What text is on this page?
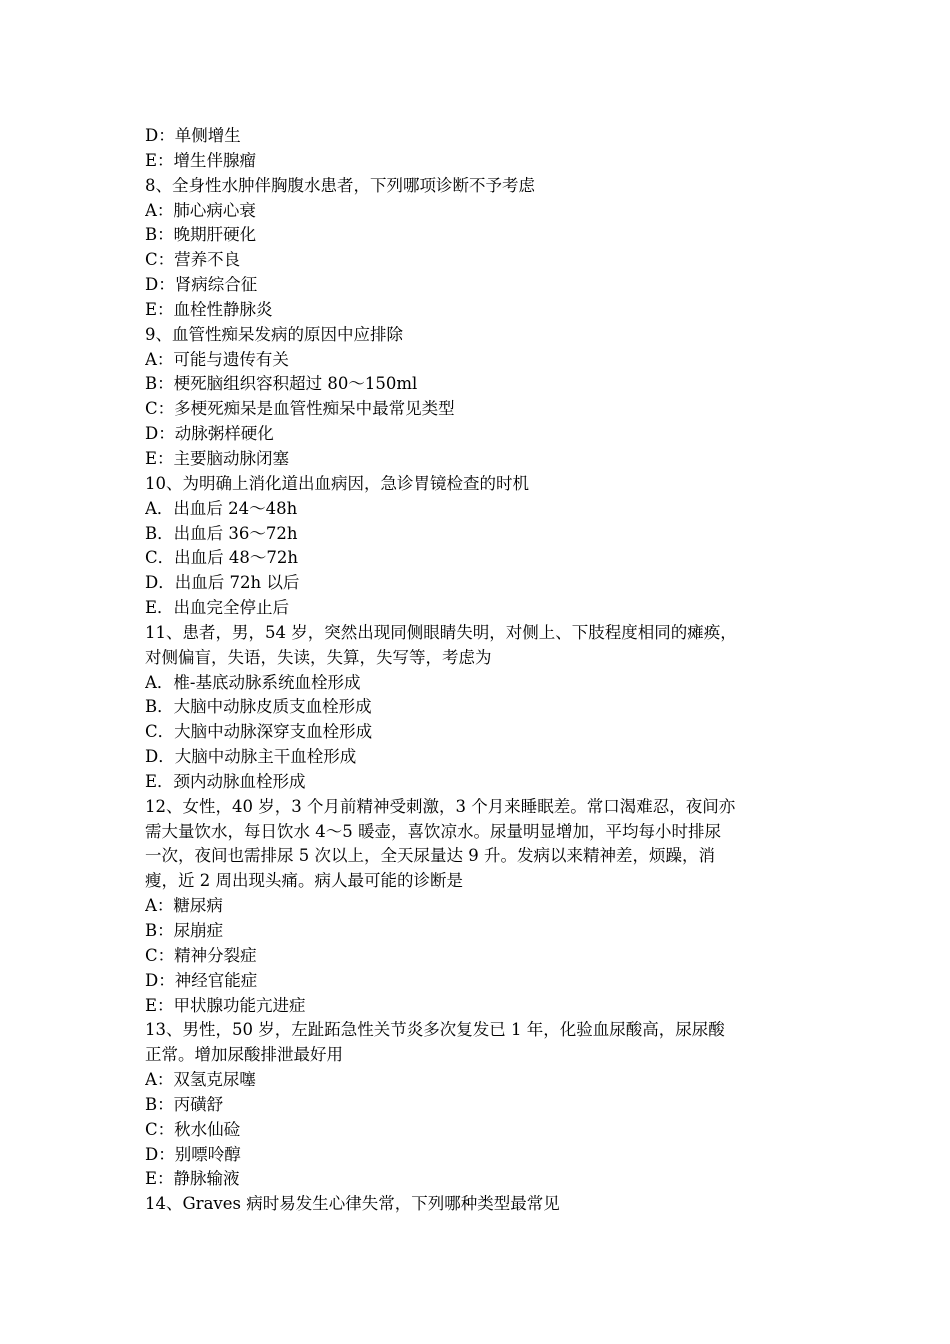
D：单侧增生
E：增生伴腺瘤
8、全身性水肿伴胸腹水患者，下列哪项诊断不予考虑
A：肺心病心衰
B：晚期肝硬化
C：营养不良
D：肾病综合征
E：血栓性静脉炎
9、血管性痴呆发病的原因中应排除
A：可能与遗传有关
B：梗死脑组织容积超过 80～150ml
C：多梗死痴呆是血管性痴呆中最常见类型
D：动脉粥样硬化
E：主要脑动脉闭塞
10、为明确上消化道出血病因，急诊胃镜检查的时机
A．出血后 24～48h
B．出血后 36～72h
C．出血后 48～72h
D．出血后 72h 以后
E．出血完全停止后
11、患者，男，54 岁，突然出现同侧眼睛失明，对侧上、下肢程度相同的瘫痪，
对侧偏盲，失语，失读，失算，失写等，考虑为
A．椎-基底动脉系统血栓形成
B．大脑中动脉皮质支血栓形成
C．大脑中动脉深穿支血栓形成
D．大脑中动脉主干血栓形成
E．颈内动脉血栓形成
12、女性，40 岁，3 个月前精神受刺激，3 个月来睡眠差。常口渴难忍，夜间亦
需大量饮水，每日饮水 4～5 暖壶，喜饮凉水。尿量明显增加，平均每小时排尿
一次，夜间也需排尿 5 次以上，全天尿量达 9 升。发病以来精神差，烦躁，消
瘦，近 2 周出现头痛。病人最可能的诊断是
A：糖尿病
B：尿崩症
C：精神分裂症
D：神经官能症
E：甲状腺功能亢进症
13、男性，50 岁，左趾跖急性关节炎多次复发已 1 年，化验血尿酸高，尿尿酸
正常。增加尿酸排泄最好用
A：双氢克尿噻
B：丙磺舒
C：秋水仙硷
D：别嘌呤醇
E：静脉输液
14、Graves 病时易发生心律失常，下列哪种类型最常见
